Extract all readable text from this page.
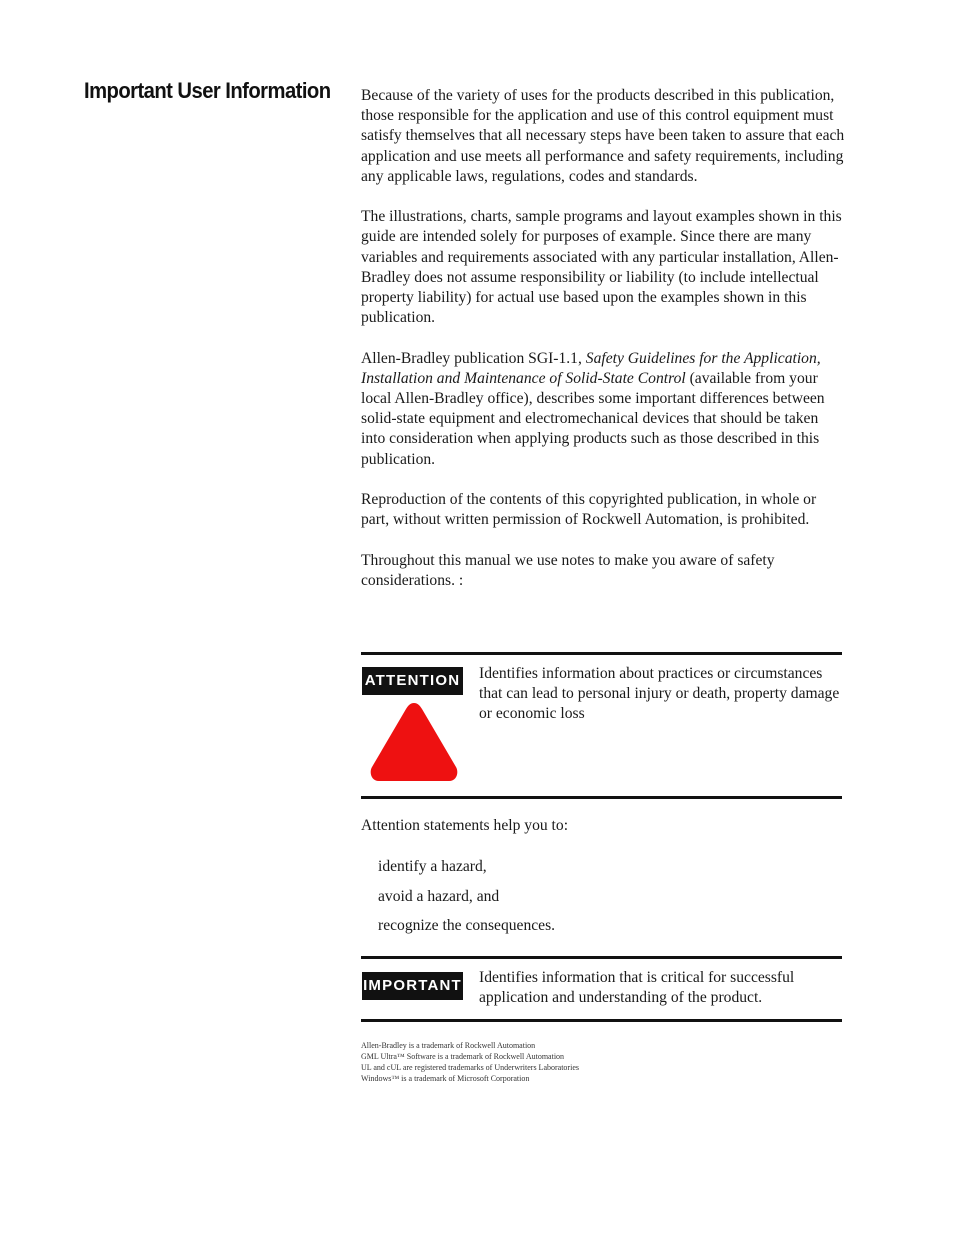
Important User Information Because of the variety of uses for the products described in this publication, those responsible for the application and use of this control equipment must satisfy themselves that all necessary steps have been taken to assure that each application and use meets all performance and safety requirements, including any applicable laws, regulations, codes and standards.

The illustrations, charts, sample programs and layout examples shown in this guide are intended solely for purposes of example. Since there are many variables and requirements associated with any particular installation, Allen-Bradley does not assume responsibility or liability (to include intellectual property liability) for actual use based upon the examples shown in this publication.

Allen-Bradley publication SGI-1.1, Safety Guidelines for the Application, Installation and Maintenance of Solid-State Control (available from your local Allen-Bradley office), describes some important differences between solid-state equipment and electromechanical devices that should be taken into consideration when applying products such as those described in this publication.

Reproduction of the contents of this copyrighted publication, in whole or part, without written permission of Rockwell Automation, is prohibited.

Throughout this manual we use notes to make you aware of safety considerations. :

ATTENTION Identifies information about practices or circumstances that can lead to personal injury or death, property damage or economic loss
Attention statements help you to:
identify a hazard,
avoid a hazard, and
recognize the consequences.
IMPORTANT Identifies information that is critical for successful application and understanding of the product.
Allen-Bradley is a trademark of Rockwell Automation
GML Ultra™ Software is a trademark of Rockwell Automation
UL and cUL are registered trademarks of Underwriters Laboratories
Windows™ is a trademark of Microsoft Corporation
